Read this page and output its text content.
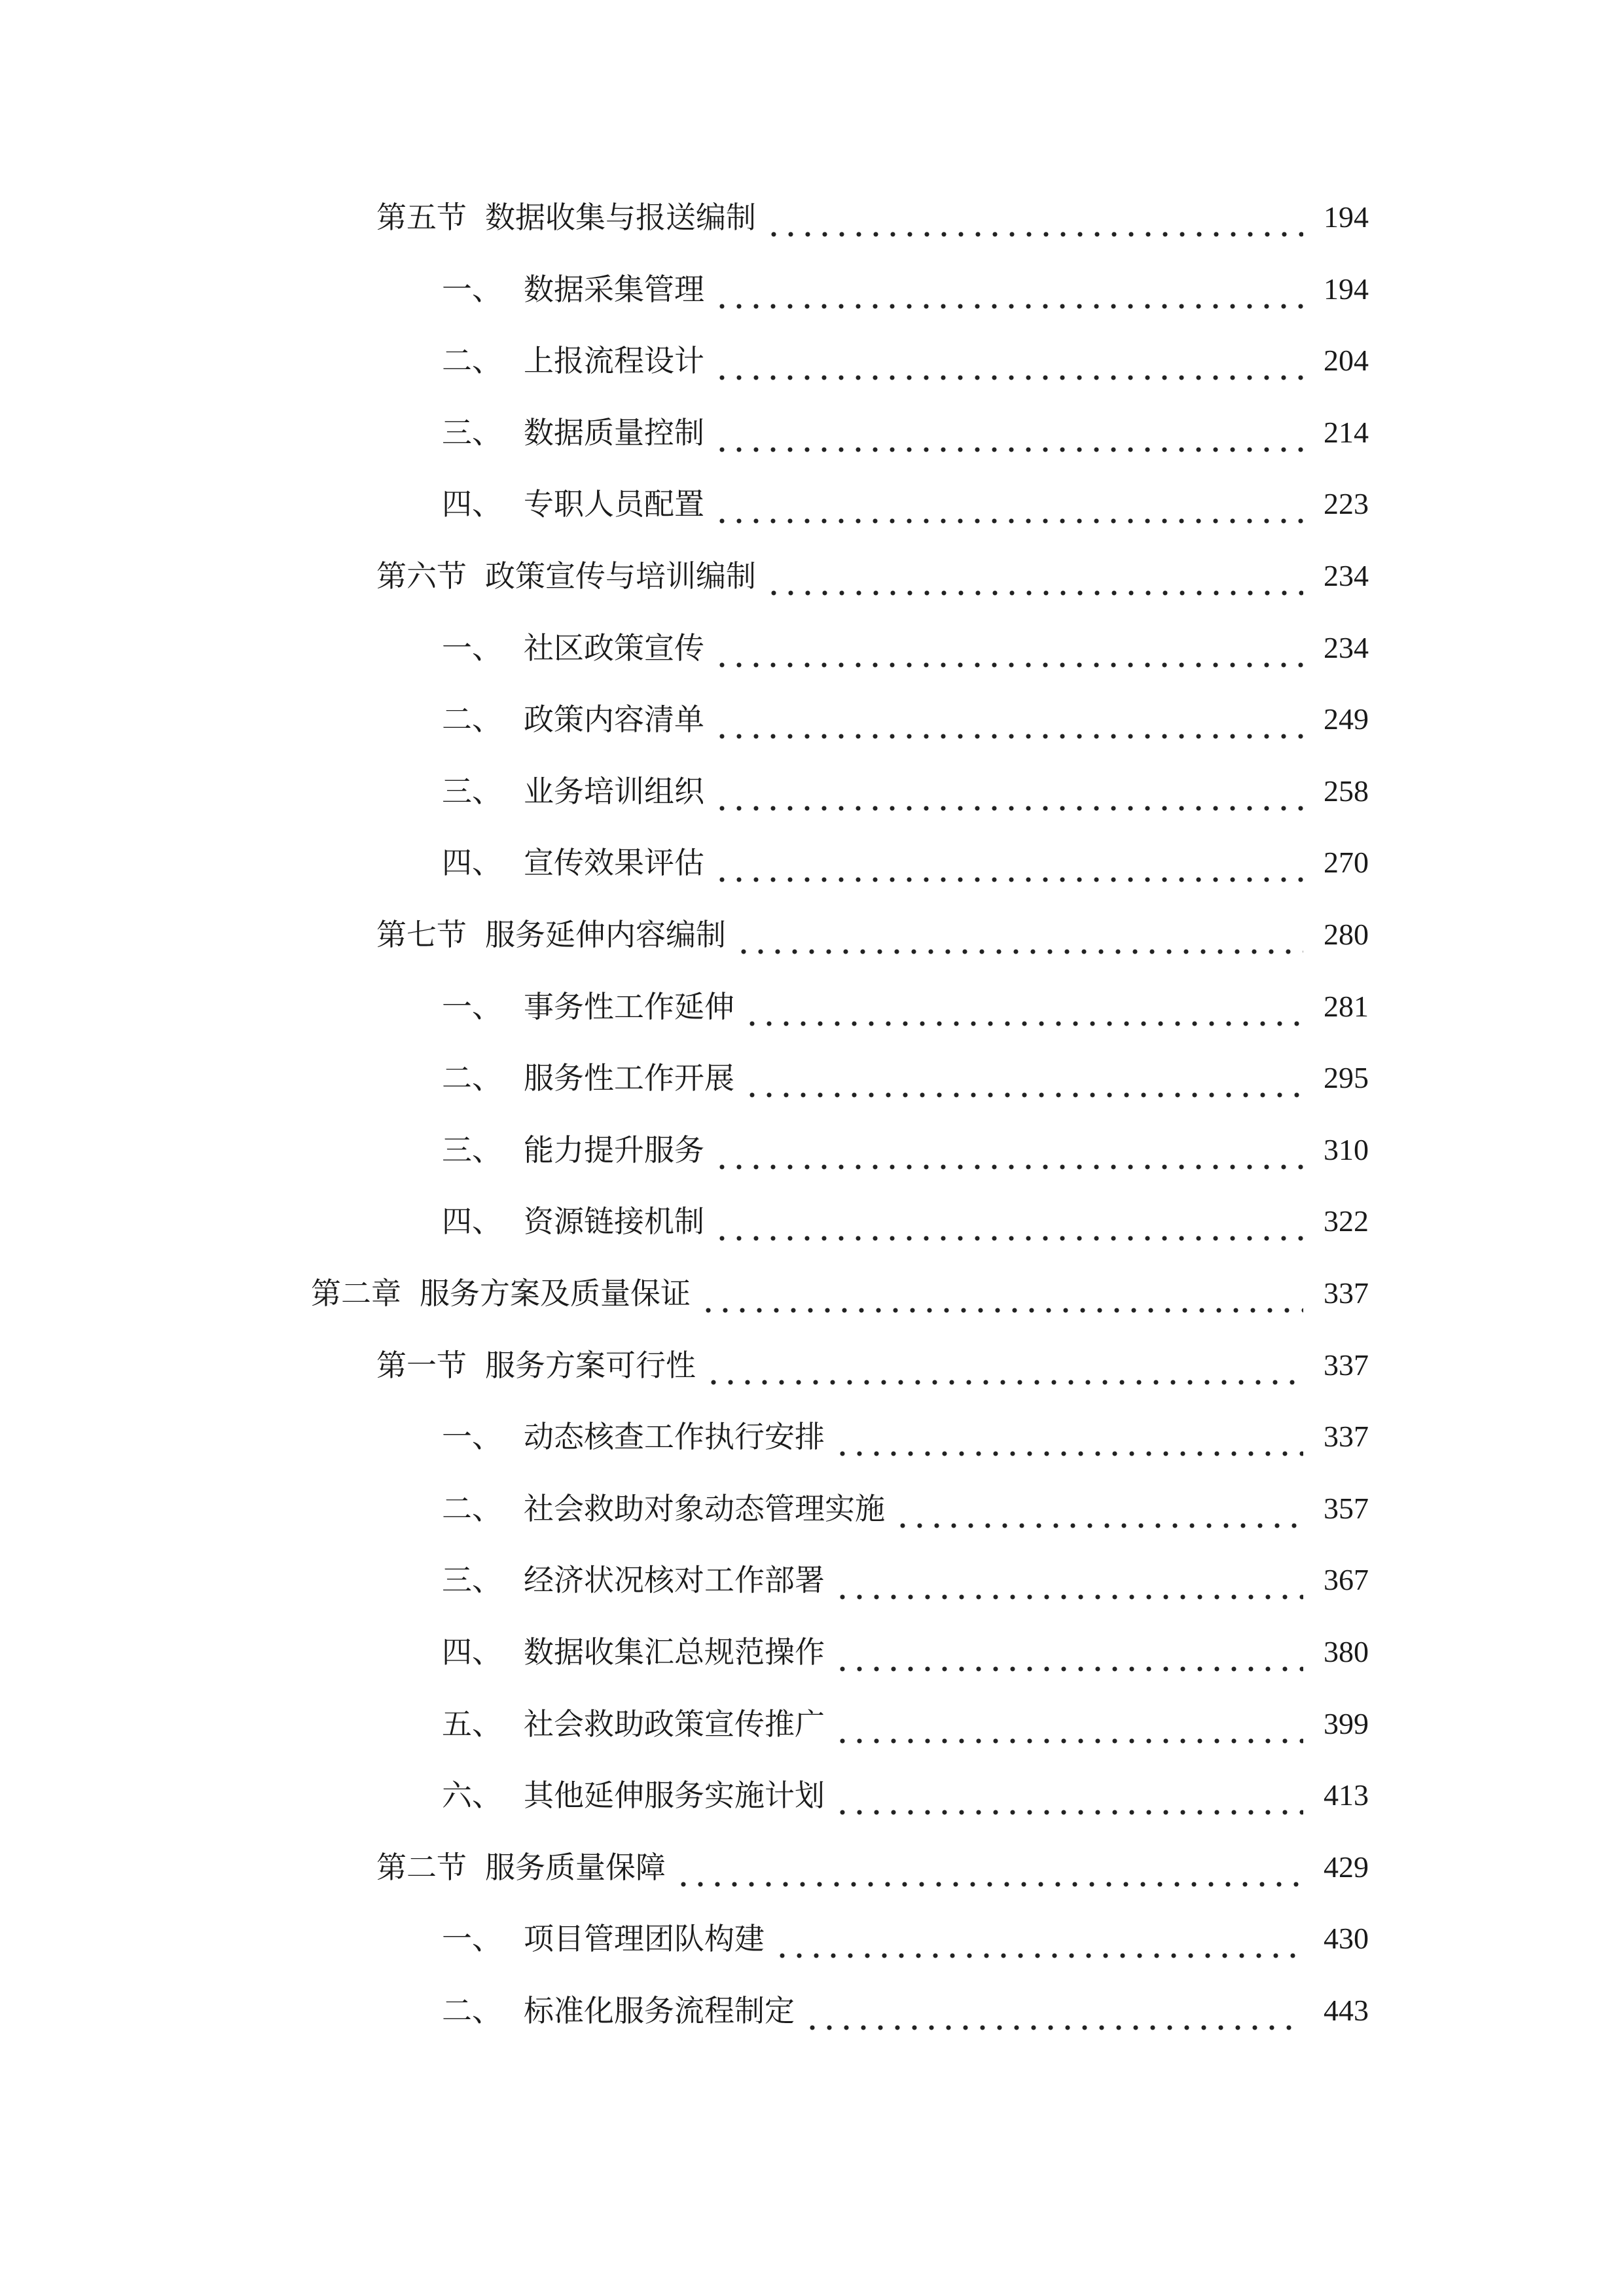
第五节 数据收集与报送编制	194
一、 数据采集管理	194
二、 上报流程设计	204
三、 数据质量控制	214
四、 专职人员配置	223
第六节 政策宣传与培训编制	234
一、 社区政策宣传	234
二、 政策内容清单	249
三、 业务培训组织	258
四、 宣传效果评估	270
第七节 服务延伸内容编制	280
一、 事务性工作延伸	281
二、 服务性工作开展	295
三、 能力提升服务	310
四、 资源链接机制	322
第二章 服务方案及质量保证	337
第一节 服务方案可行性	337
一、 动态核查工作执行安排	337
二、 社会救助对象动态管理实施	357
三、 经济状况核对工作部署	367
四、 数据收集汇总规范操作	380
五、 社会救助政策宣传推广	399
六、 其他延伸服务实施计划	413
第二节 服务质量保障	429
一、 项目管理团队构建	430
二、 标准化服务流程制定	443
